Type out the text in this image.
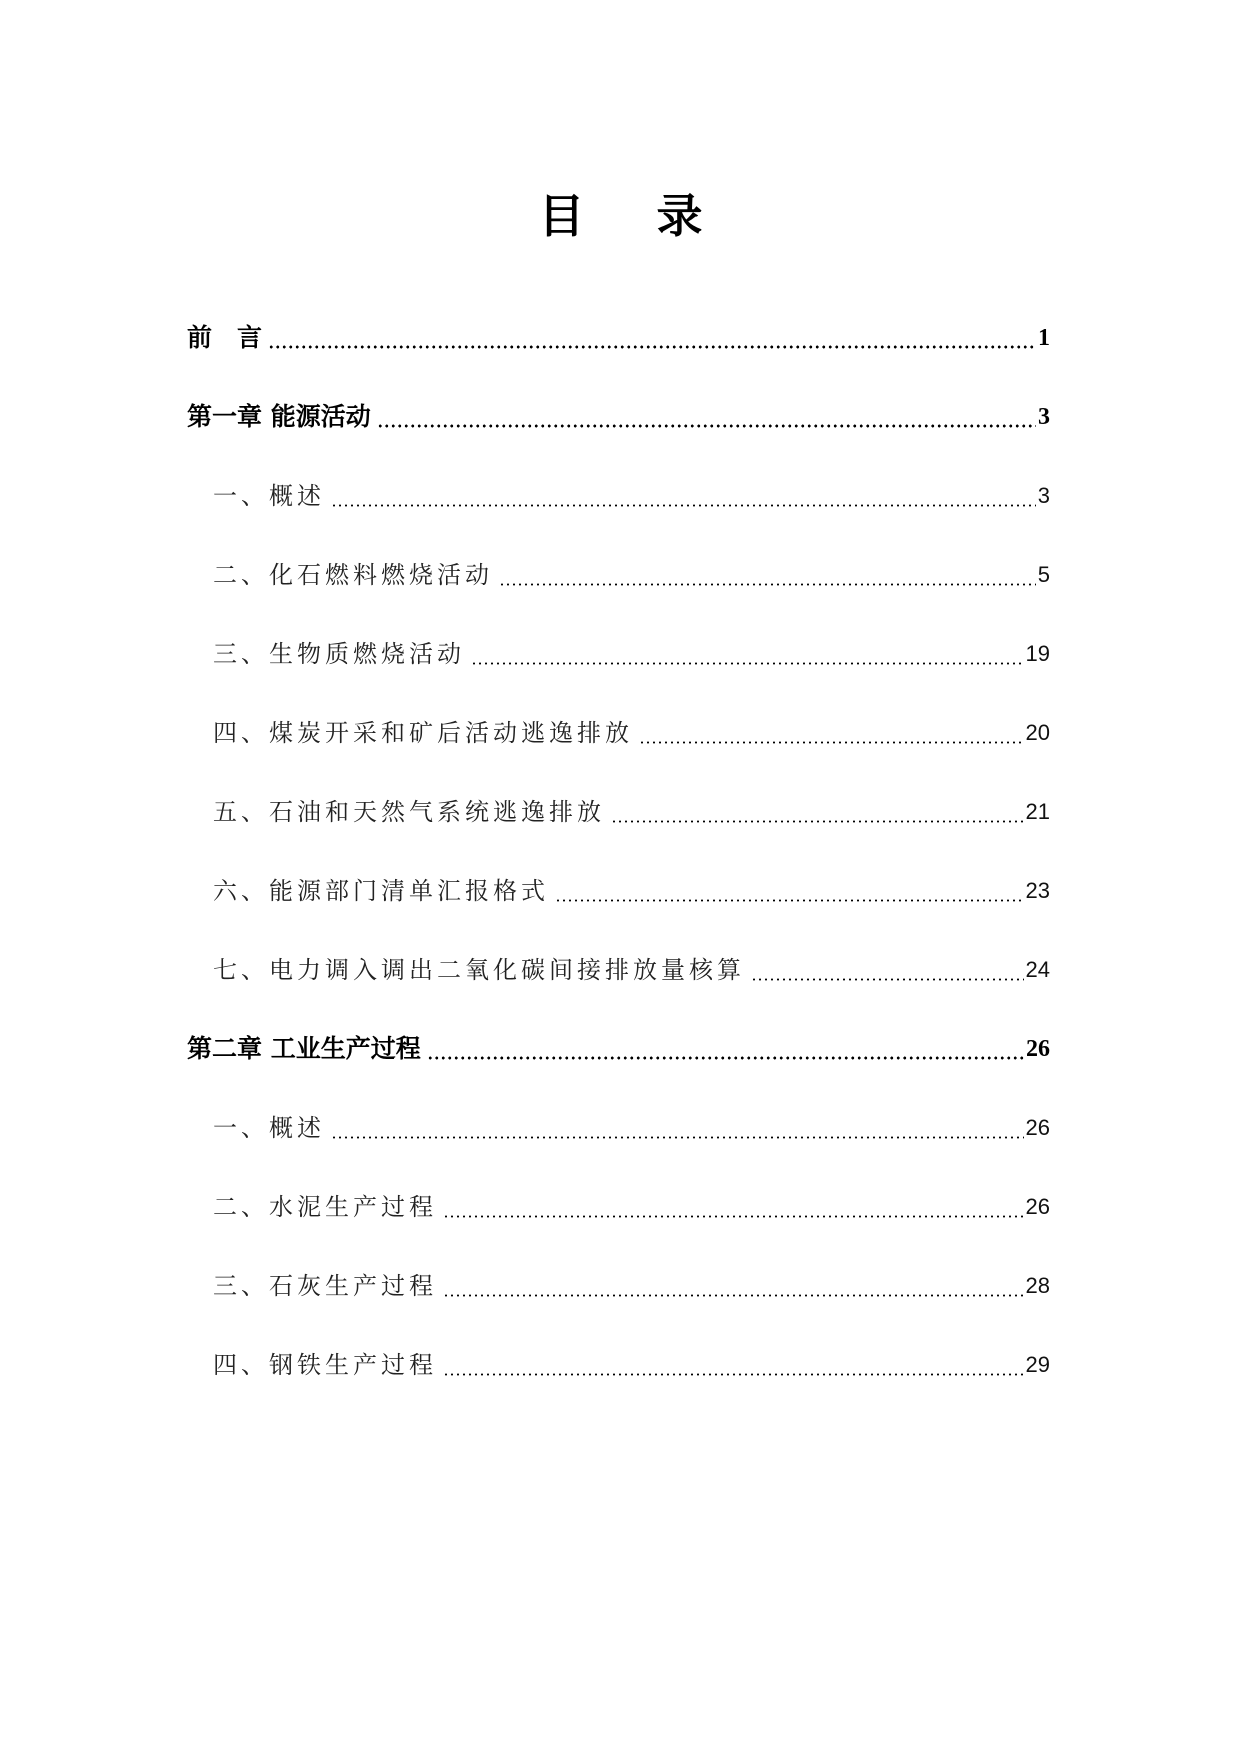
目 录
前　言	1
第一章 能源活动	3
一、概述	3
二、化石燃料燃烧活动	5
三、生物质燃烧活动	19
四、煤炭开采和矿后活动逃逸排放	20
五、石油和天然气系统逃逸排放	21
六、能源部门清单汇报格式	23
七、电力调入调出二氧化碳间接排放量核算	24
第二章 工业生产过程	26
一、概述	26
二、水泥生产过程	26
三、石灰生产过程	28
四、钢铁生产过程	29
